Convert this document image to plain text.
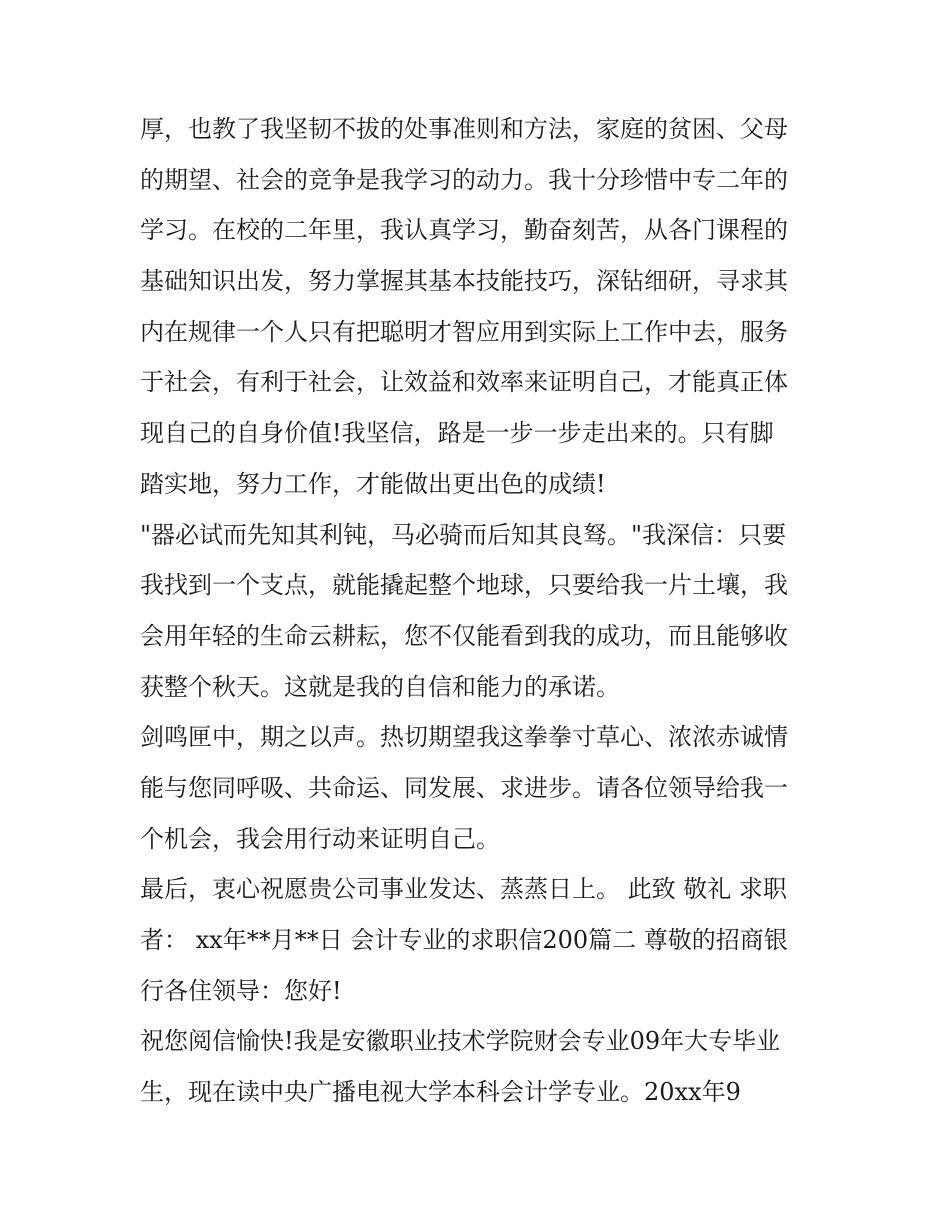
厚，也教了我坚韧不拔的处事准则和方法，家庭的贫困、父母
的期望、社会的竞争是我学习的动力。我十分珍惜中专二年的
学习。在校的二年里，我认真学习，勤奋刻苦，从各门课程的
基础知识出发，努力掌握其基本技能技巧，深钻细研，寻求其
内在规律一个人只有把聪明才智应用到实际上工作中去，服务
于社会，有利于社会，让效益和效率来证明自己，才能真正体
现自己的自身价值!我坚信，路是一步一步走出来的。只有脚
踏实地，努力工作，才能做出更出色的成绩!
"器必试而先知其利钝，马必骑而后知其良驽。"我深信：只要
我找到一个支点，就能撬起整个地球，只要给我一片土壤，我
会用年轻的生命云耕耘，您不仅能看到我的成功，而且能够收
获整个秋天。这就是我的自信和能力的承诺。
剑鸣匣中，期之以声。热切期望我这拳拳寸草心、浓浓赤诚情
能与您同呼吸、共命运、同发展、求进步。请各位领导给我一
个机会，我会用行动来证明自己。
最后，衷心祝愿贵公司事业发达、蒸蒸日上。 此致 敬礼 求职
者： xx年**月**日 会计专业的求职信200篇二 尊敬的招商银
行各住领导：您好!
祝您阅信愉快!我是安徽职业技术学院财会专业09年大专毕业
生，现在读中央广播电视大学本科会计学专业。20xx年9
